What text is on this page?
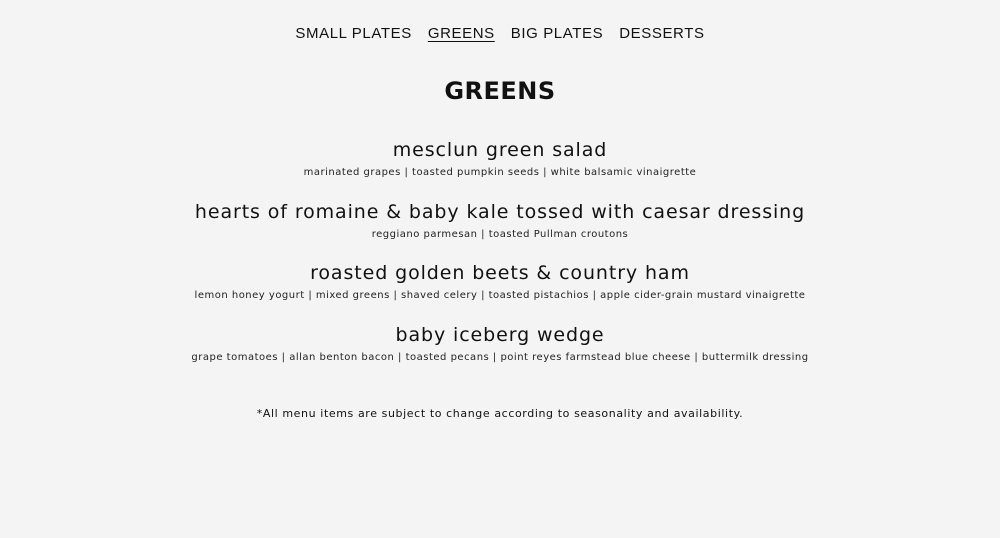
SMALL PLATES GREENS BIG PLATES DESSERTS
GREENS

mesclun green salad

marinated grapes | toasted pumpkin seeds | white balsamic vinaigrette

hearts of romaine & baby kale tossed with caesar dressing

reggiano parmesan | toasted Pullman croutons

roasted golden beets & country ham

lemon honey yogurt | mixed greens | shaved celery | toasted pistachios | apple cider-grain mustard vinaigrette

baby iceberg wedge

grape tomatoes | allan benton bacon | toasted pecans | point reyes farmstead blue cheese | buttermilk dressing

*All menu items are subject to change according to seasonality and availability.
